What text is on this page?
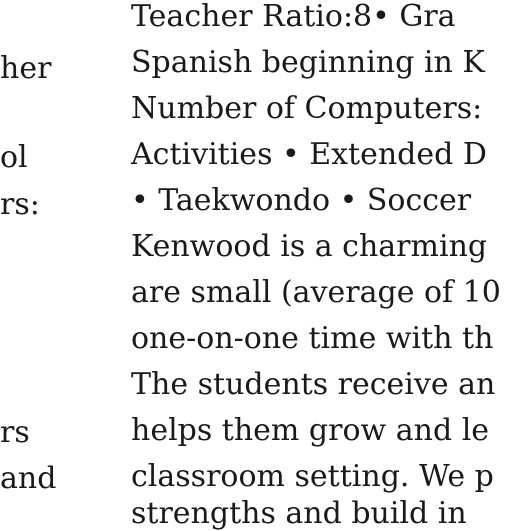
her
ol
rs:
rs
and
Teacher Ratio:8• Gra
Spanish beginning in K
Number of Computers:
Activities • Extended D
• Taekwondo • Soccer
Kenwood is a charming
are small (average of 10
one-on-one time with th
The students receive an
helps them grow and le
classroom setting. We p
strengths and build in
